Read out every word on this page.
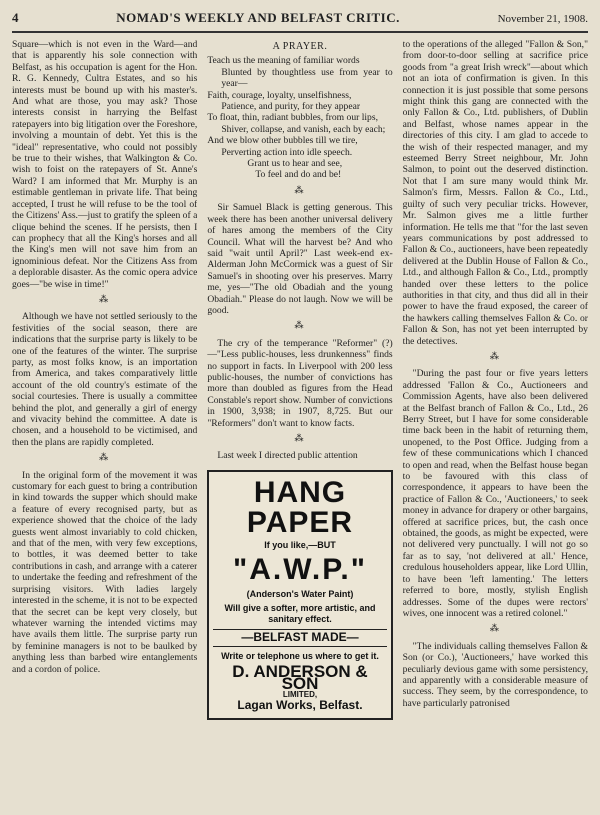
4	NOMAD'S WEEKLY AND BELFAST CRITIC.	November 21, 1908.

Square—which is not even in the Ward—and that is apparently his sole connection with Belfast, as his occupation is agent for the Hon. R. G. Kennedy, Cultra Estates, and so his interests must be bound up with his master's. And what are those, you may ask? Those interests consist in harrying the Belfast ratepayers into big litigation over the Foreshore, involving a mountain of debt. Yet this is the "ideal" representative, who could not possibly be true to their wishes, that Walkington & Co. wish to foist on the ratepayers of St. Anne's Ward? I am informed that Mr. Murphy is an estimable gentleman in private life. That being accepted, I trust he will refuse to be the tool of the Citizens' Ass.—just to gratify the spleen of a clique behind the scenes. If he persists, then I can prophecy that all the King's horses and all the King's men will not save him from an ignominious defeat. Nor the Citizens Ass from a deplorable disaster. As the comic opera advice goes—"be wise in time!"

⁂

Although we have not settled seriously to the festivities of the social season, there are indications that the surprise party is likely to be one of the features of the winter. The surprise party, as most folks know, is an importation from America, and takes comparatively little account of the old country's estimate of the social courtesies. There is usually a committee behind the plot, and generally a girl of energy and vivacity behind the committee. A date is chosen, and a household to be victimised, and then the plans are rapidly completed.

⁂

In the original form of the movement it was customary for each guest to bring a contribution in kind towards the supper which should make a feature of every recognised party, but as experience showed that the choice of the lady guests went almost invariably to cold chicken, and that of the men, with very few exceptions, to bottles, it was deemed better to take contributions in cash, and arrange with a caterer to undertake the feeding and refreshment of the surprising visitors. With ladies largely interested in the scheme, it is not to be expected that the secret can be kept very closely, but whatever warning the intended victims may have avails them little. The surprise party run by feminine managers is not to be baulked by anything less than barbed wire entanglements and a cordon of police.

A PRAYER.

Teach us the meaning of familiar words

Blunted by thoughtless use from year to year—

Faith, courage, loyalty, unselfishness,

Patience, and purity, for they appear

To float, thin, radiant bubbles, from our lips,

Shiver, collapse, and vanish, each by each;

And we blow other bubbles till we tire,

Perverting action into idle speech.

Grant us to hear and see,

To feel and do and be!

⁂

Sir Samuel Black is getting generous. This week there has been another universal delivery of hares among the members of the City Council. What will the harvest be? And who said "wait until April?" Last week-end ex-Alderman John McCormick was a guest of Sir Samuel's in shooting over his preserves. Marry me, yes—"The old Obadiah and the young Obadiah." Please do not laugh. Now we will be good.

⁂

The cry of the temperance "Reformer" (?)—"Less public-houses, less drunkenness" finds no support in facts. In Liverpool with 200 less public-houses, the number of convictions has more than doubled as figures from the Head Constable's report show. Number of convictions in 1900, 3,938; in 1907, 8,725. But our "Reformers" don't want to know facts.

⁂

Last week I directed public attention

HANG
PAPER
If you like,—BUT
"A.W.P."
(Anderson's Water Paint)
Will give a softer, more artistic, and sanitary effect.
—BELFAST MADE—
Write or telephone us where to get it.
D. ANDERSON & SON
LIMITED,
Lagan Works, Belfast.

to the operations of the alleged "Fallon & Son," from door-to-door selling at sacrifice price goods from "a great Irish wreck"—about which not an iota of confirmation is given. In this connection it is just possible that some persons might think this gang are connected with the only Fallon & Co., Ltd. publishers, of Dublin and Belfast, whose names appear in the directories of this city. I am glad to accede to the wish of their respected manager, and my esteemed Berry Street neighbour, Mr. John Salmon, to point out the deserved distinction. Not that I am sure many would think Mr. Salmon's firm, Messrs. Fallon & Co., Ltd., guilty of such very peculiar tricks. However, Mr. Salmon gives me a little further information. He tells me that "for the last seven years communications by post addressed to Fallon & Co., auctioneers, have been repeatedly delivered at the Dublin House of Fallon & Co., Ltd., and although Fallon & Co., Ltd., promptly handed over these letters to the police authorities in that city, and thus did all in their power to have the fraud exposed, the career of the hawkers calling themselves Fallon & Co. or Fallon & Son, has not yet been interrupted by the detectives.

⁂

"During the past four or five years letters addressed 'Fallon & Co., Auctioneers and Commission Agents, have also been delivered at the Belfast branch of Fallon & Co., Ltd., 26 Berry Street, but I have for some considerable time back been in the habit of returning them, unopened, to the Post Office. Judging from a few of these communications which I chanced to open and read, when the Belfast house began to be favoured with this class of correspondence, it appears to have been the practice of Fallon & Co., 'Auctioneers,' to seek money in advance for drapery or other bargains, offered at sacrifice prices, but, the cash once obtained, the goods, as might be expected, were not delivered very punctually. I will not go so far as to say, 'not delivered at all.' Hence, credulous householders appear, like Lord Ullin, to have been 'left lamenting.' The letters referred to bore, mostly, stylish English addresses. Some of the dupes were rectors' wives, one innocent was a retired colonel."

⁂

"The individuals calling themselves Fallon & Son (or Co.), 'Auctioneers,' have worked this peculiarly devious game with some persistency, and apparently with a considerable measure of success. They seem, by the correspondence, to have particularly patronised
